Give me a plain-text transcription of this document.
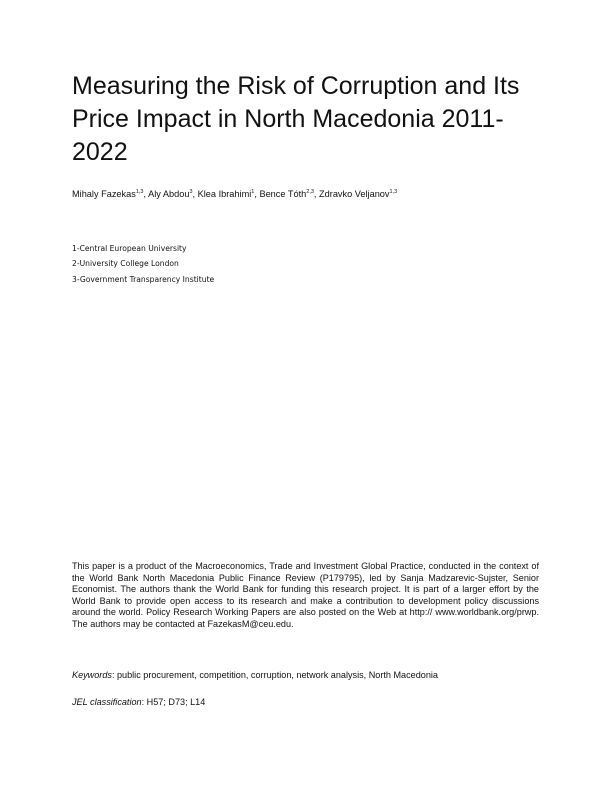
Measuring the Risk of Corruption and Its Price Impact in North Macedonia 2011-2022
Mihaly Fazekas$^{1,3}$, Aly Abdou$^3$, Klea Ibrahimi$^1$, Bence Tóth$^{2,3}$, Zdravko Veljanov$^{1,3}$
1-Central European University
2-University College London
3-Government Transparency Institute

This paper is a product of the Macroeconomics, Trade and Investment Global Practice, conducted in the context of the World Bank North Macedonia Public Finance Review (P179795), led by Sanja Madzarevic-Sujster, Senior Economist. The authors thank the World Bank for funding this research project. It is part of a larger effort by the World Bank to provide open access to its research and make a contribution to development policy discussions around the world. Policy Research Working Papers are also posted on the Web at http:// www.worldbank.org/prwp. The authors may be contacted at FazekasM@ceu.edu.

Keywords: public procurement, competition, corruption, network analysis, North Macedonia
JEL classification: H57; D73; L14
